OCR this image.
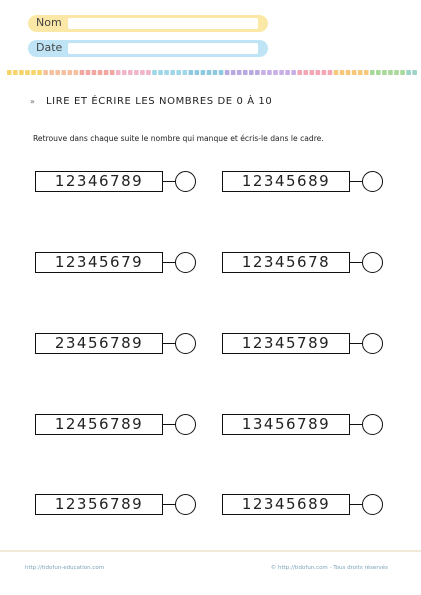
Nom
Date
» LIRE ET ÉCRIRE LES NOMBRES DE 0 À 10
Retrouve dans chaque suite le nombre qui manque et écris-le dans le cadre.
12346789	12345689
12345679	12345678
23456789	12345789
12456789	13456789
12356789	12345689
http://tidofun-education.com	© http://tidofun.com - Tous droits réservés
